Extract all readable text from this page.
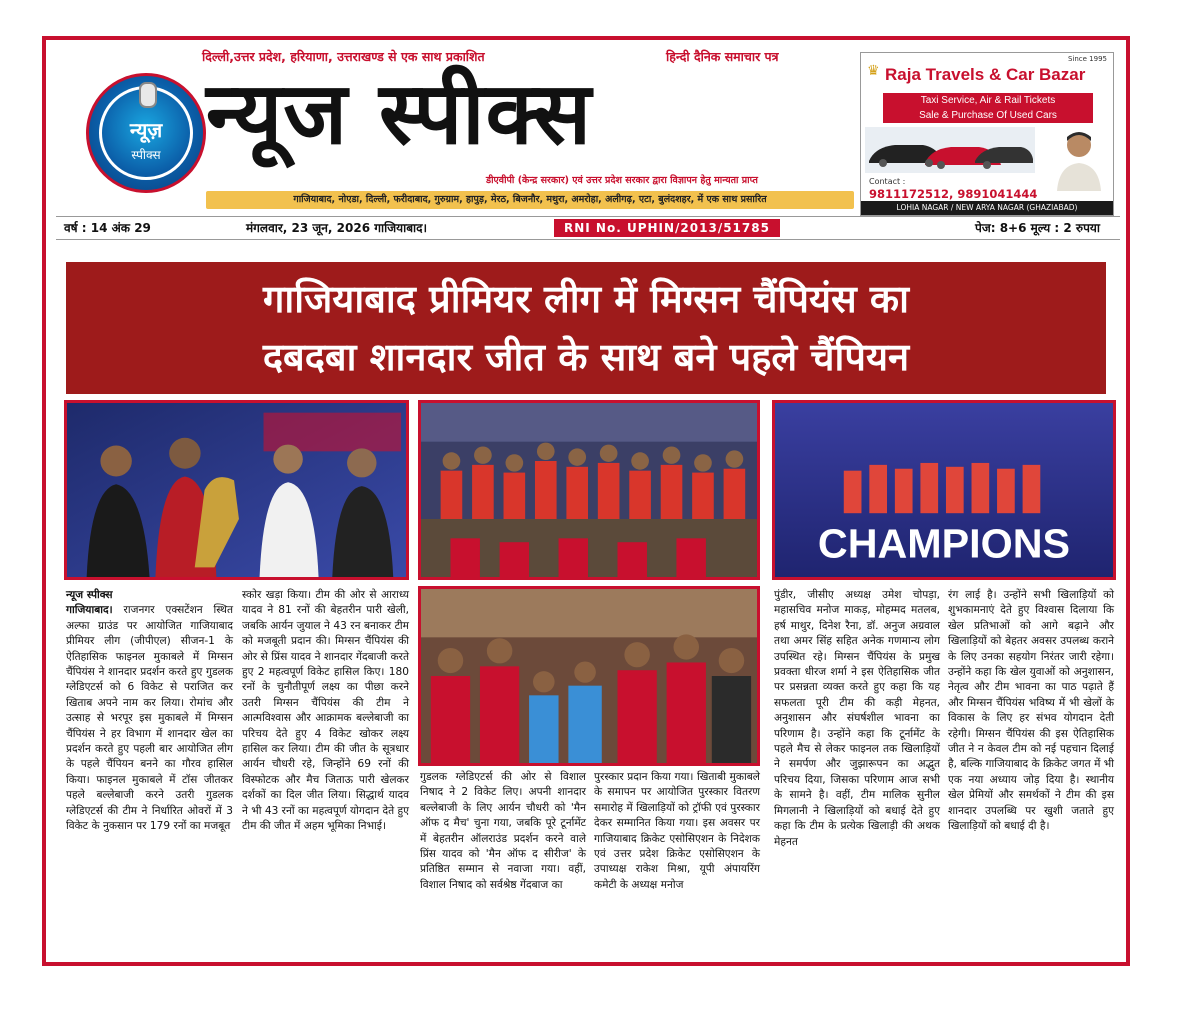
न्यूज़
स्पीक्स
दिल्ली,उत्तर प्रदेश, हरियाणा, उत्तराखण्ड से एक साथ प्रकाशित	हिन्दी दैनिक समाचार पत्र
न्यूज स्पीक्स
डीएवीपी (केन्द्र सरकार) एवं उत्तर प्रदेश सरकार द्वारा विज्ञापन हेतु मान्यता प्राप्त
गाजियाबाद, नोएडा, दिल्ली, फरीदाबाद, गुरुग्राम, हापुड़, मेरठ, बिजनौर, मथुरा, अमरोहा, अलीगढ़, एटा, बुलंदशहर, में एक साथ प्रसारित
Since 1995
♛ Raja Travels & Car Bazar
Taxi Service, Air & Rail Tickets
Sale & Purchase Of Used Cars
Contact :
9811172512, 9891041444
LOHIA NAGAR / NEW ARYA NAGAR (GHAZIABAD)
वर्ष : 14 अंक 29	मंगलवार, 23 जून, 2026 गाजियाबाद।	RNI No. UPHIN/2013/51785	पेज: 8+6 मूल्य : 2 रुपया
गाजियाबाद प्रीमियर लीग में मिग्सन चैंपियंस का
दबदबा शानदार जीत के साथ बने पहले चैंपियन
CHAMPIONS

न्यूज स्पीक्स

गाजियाबाद। राजनगर एक्सटेंशन स्थित अल्फा ग्राउंड पर आयोजित गाजियाबाद प्रीमियर लीग (जीपीएल) सीजन-1 के ऐतिहासिक फाइनल मुकाबले में मिग्सन चैंपियंस ने शानदार प्रदर्शन करते हुए गुडलक ग्लेडिएटर्स को 6 विकेट से पराजित कर खिताब अपने नाम कर लिया। रोमांच और उत्साह से भरपूर इस मुकाबले में मिग्सन चैंपियंस ने हर विभाग में शानदार खेल का प्रदर्शन करते हुए पहली बार आयोजित लीग के पहले चैंपियन बनने का गौरव हासिल किया। फाइनल मुकाबले में टॉस जीतकर पहले बल्लेबाजी करने उतरी गुडलक ग्लेडिएटर्स की टीम ने निर्धारित ओवरों में 3 विकेट के नुकसान पर 179 रनों का मजबूत

स्कोर खड़ा किया। टीम की ओर से आराध्य यादव ने 81 रनों की बेहतरीन पारी खेली, जबकि आर्यन जुयाल ने 43 रन बनाकर टीम को मजबूती प्रदान की। मिग्सन चैंपियंस की ओर से प्रिंस यादव ने शानदार गेंदबाजी करते हुए 2 महत्वपूर्ण विकेट हासिल किए। 180 रनों के चुनौतीपूर्ण लक्ष्य का पीछा करने उतरी मिग्सन चैंपियंस की टीम ने आत्मविश्वास और आक्रामक बल्लेबाजी का परिचय देते हुए 4 विकेट खोकर लक्ष्य हासिल कर लिया। टीम की जीत के सूत्रधार आर्यन चौधरी रहे, जिन्होंने 69 रनों की विस्फोटक और मैच जिताऊ पारी खेलकर दर्शकों का दिल जीत लिया। सिद्धार्थ यादव ने भी 43 रनों का महत्वपूर्ण योगदान देते हुए टीम की जीत में अहम भूमिका निभाई।

गुडलक ग्लेडिएटर्स की ओर से विशाल निषाद ने 2 विकेट लिए। अपनी शानदार बल्लेबाजी के लिए आर्यन चौधरी को 'मैन ऑफ द मैच' चुना गया, जबकि पूरे टूर्नामेंट में बेहतरीन ऑलराउंड प्रदर्शन करने वाले प्रिंस यादव को 'मैन ऑफ द सीरीज' के प्रतिष्ठित सम्मान से नवाजा गया। वहीं, विशाल निषाद को सर्वश्रेष्ठ गेंदबाज का

पुरस्कार प्रदान किया गया। खिताबी मुकाबले के समापन पर आयोजित पुरस्कार वितरण समारोह में खिलाड़ियों को ट्रॉफी एवं पुरस्कार देकर सम्मानित किया गया। इस अवसर पर गाजियाबाद क्रिकेट एसोसिएशन के निदेशक एवं उत्तर प्रदेश क्रिकेट एसोसिएशन के उपाध्यक्ष राकेश मिश्रा, यूपी अंपायरिंग कमेटी के अध्यक्ष मनोज

पुंडीर, जीसीए अध्यक्ष उमेश चोपड़ा, महासचिव मनोज माकड़, मोहम्मद मतलब, हर्ष माथुर, दिनेश रैना, डॉ. अनुज अग्रवाल तथा अमर सिंह सहित अनेक गणमान्य लोग उपस्थित रहे। मिग्सन चैंपियंस के प्रमुख प्रवक्ता धीरज शर्मा ने इस ऐतिहासिक जीत पर प्रसन्नता व्यक्त करते हुए कहा कि यह सफलता पूरी टीम की कड़ी मेहनत, अनुशासन और संघर्षशील भावना का परिणाम है। उन्होंने कहा कि टूर्नामेंट के पहले मैच से लेकर फाइनल तक खिलाड़ियों ने समर्पण और जुझारूपन का अद्भुत परिचय दिया, जिसका परिणाम आज सभी के सामने है। वहीं, टीम मालिक सुनील मिगलानी ने खिलाड़ियों को बधाई देते हुए कहा कि टीम के प्रत्येक खिलाड़ी की अथक मेहनत

रंग लाई है। उन्होंने सभी खिलाड़ियों को शुभकामनाएं देते हुए विश्वास दिलाया कि खेल प्रतिभाओं को आगे बढ़ाने और खिलाड़ियों को बेहतर अवसर उपलब्ध कराने के लिए उनका सहयोग निरंतर जारी रहेगा। उन्होंने कहा कि खेल युवाओं को अनुशासन, नेतृत्व और टीम भावना का पाठ पढ़ाते हैं और मिग्सन चैंपियंस भविष्य में भी खेलों के विकास के लिए हर संभव योगदान देती रहेगी। मिग्सन चैंपियंस की इस ऐतिहासिक जीत ने न केवल टीम को नई पहचान दिलाई है, बल्कि गाजियाबाद के क्रिकेट जगत में भी एक नया अध्याय जोड़ दिया है। स्थानीय खेल प्रेमियों और समर्थकों ने टीम की इस शानदार उपलब्धि पर खुशी जताते हुए खिलाड़ियों को बधाई दी है।
